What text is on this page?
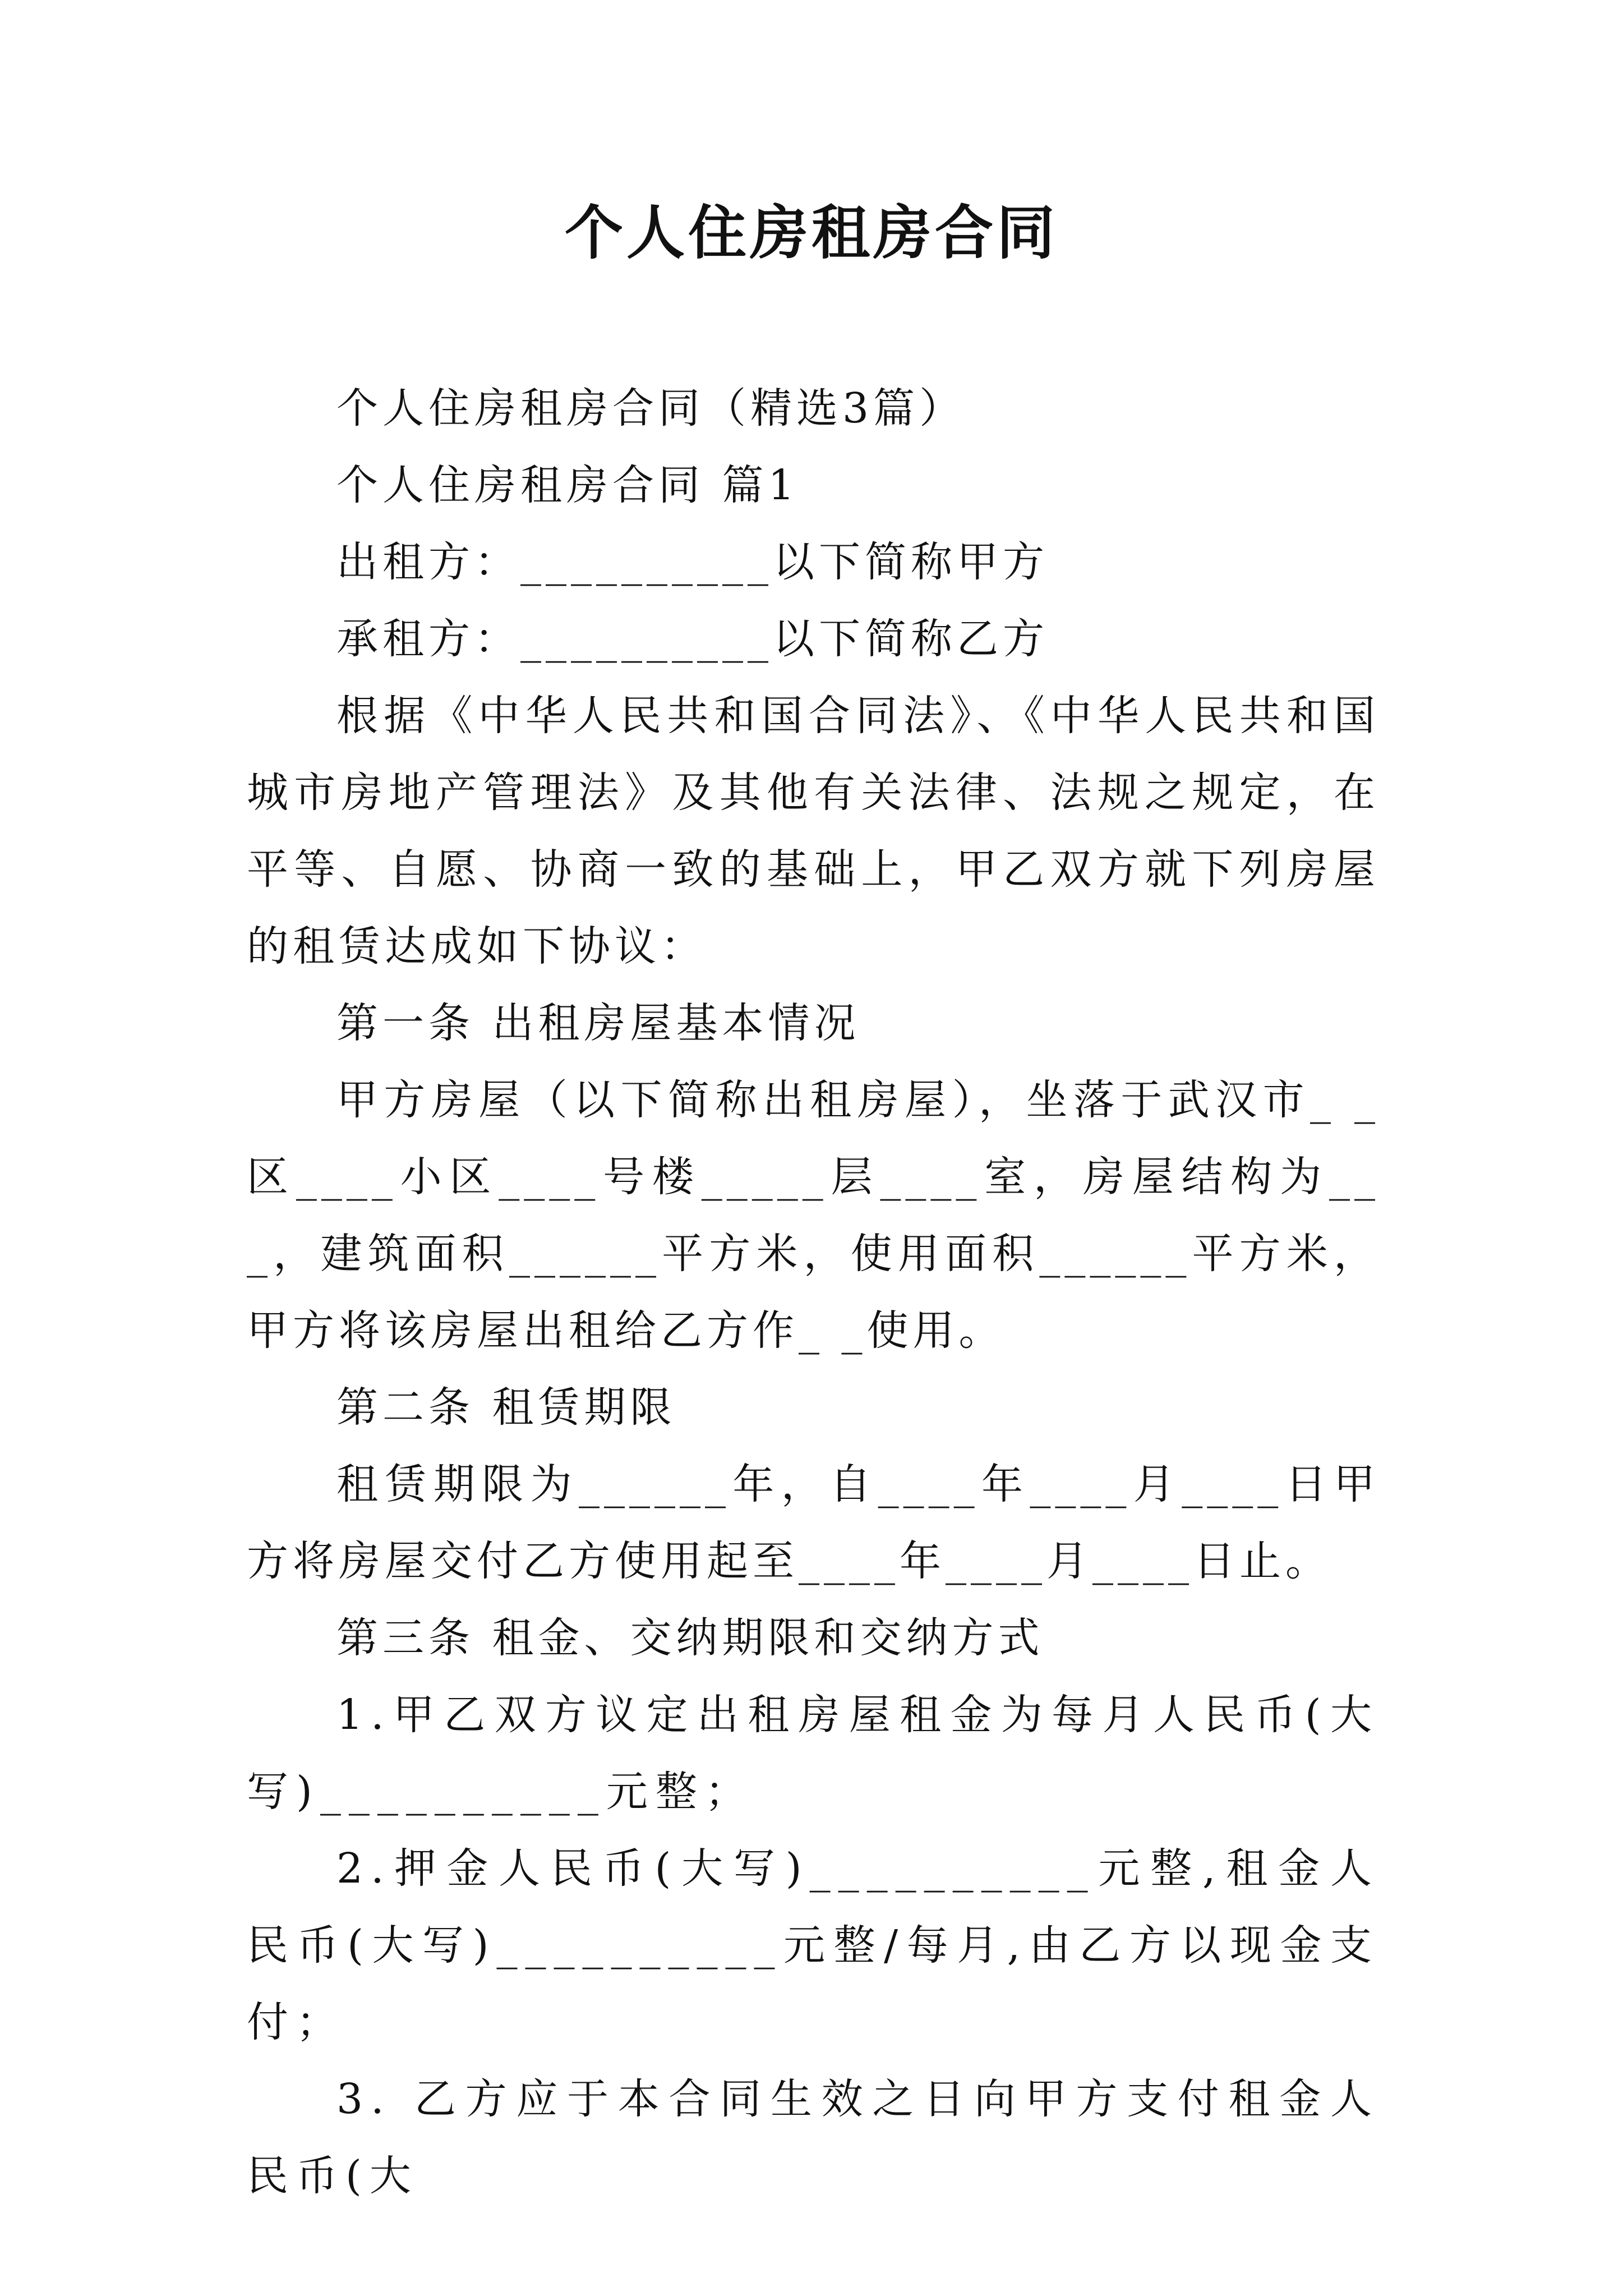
个人住房租房合同

个人住房租房合同（精选3篇）

个人住房租房合同 篇1

出租方：__________以下简称甲方

承租方：__________以下简称乙方

根据《中华人民共和国合同法》、《中华人民共和国城市房地产管理法》及其他有关法律、法规之规定，在平等、自愿、协商一致的基础上，甲乙双方就下列房屋的租赁达成如下协议：

第一条 出租房屋基本情况

甲方房屋（以下简称出租房屋），坐落于武汉市_ _区____小区____号楼_____层____室，房屋结构为___，建筑面积______平方米，使用面积______平方米，甲方将该房屋出租给乙方作_ _使用。

第二条 租赁期限

租赁期限为______年，自____年____月____日甲方将房屋交付乙方使用起至____年____月____日止。

第三条 租金、交纳期限和交纳方式

1.甲乙双方议定出租房屋租金为每月人民币(大写)__________元整；

2.押金人民币(大写)__________元整,租金人民币(大写)__________元整/每月,由乙方以现金支付；

3. 乙方应于本合同生效之日向甲方支付租金人民币(大
